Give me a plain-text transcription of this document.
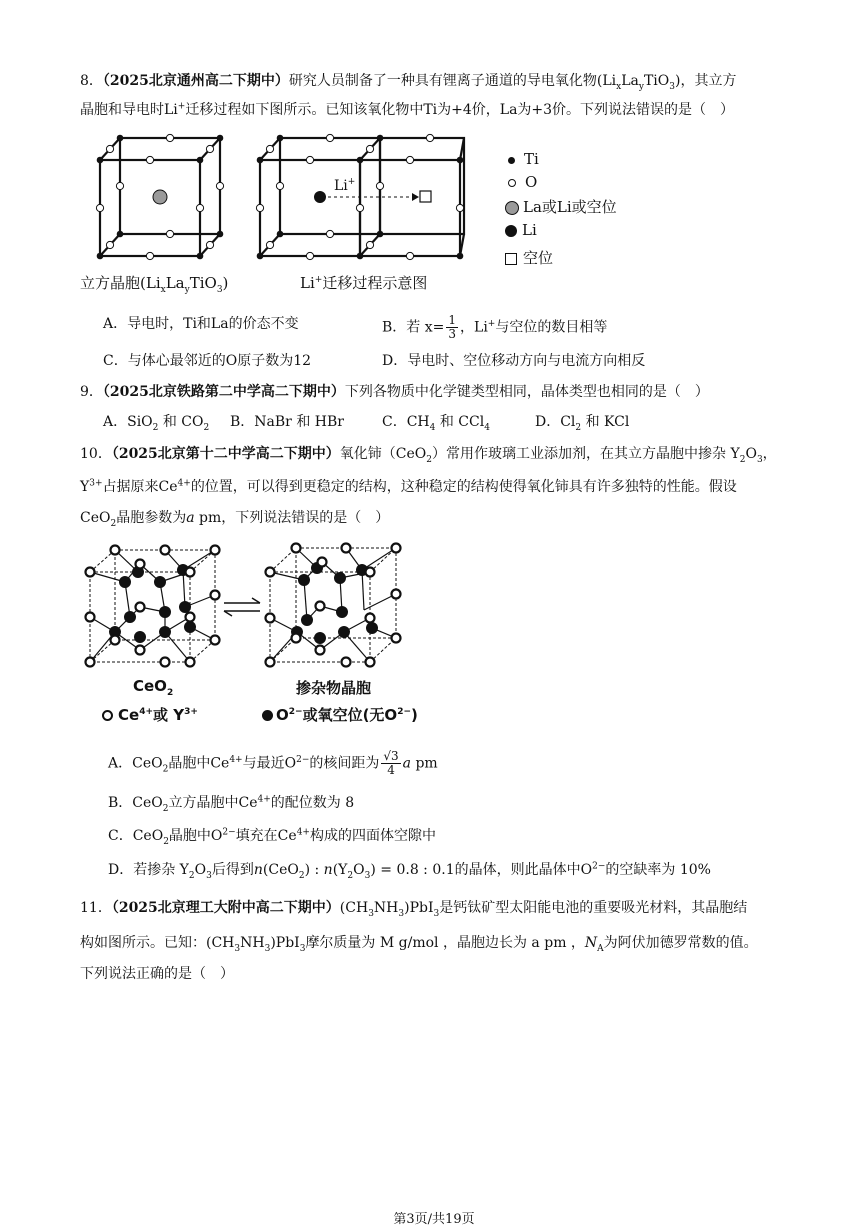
8．（2025北京通州高二下期中）研究人员制备了一种具有锂离子通道的导电氧化物$(Li_xLa_yTiO_3)$，其立方
晶胞和导电时Li+迁移过程如下图所示。已知该氧化物中Ti为+4价，La为+3价。下列说法错误的是（　）
Li+
Ti
O
La或Li或空位
Li
空位
立方晶胞$(Li_xLa_yTiO_3)$	Li+迁移过程示意图
A．导电时，Ti和La的价态不变	B．若 $x= \frac{1}{3}$ ，Li+与空位的数目相等
C．与体心最邻近的O原子数为12	D．导电时、空位移动方向与电流方向相反
9．（2025北京铁路第二中学高二下期中）下列各物质中化学键类型相同，晶体类型也相同的是（　）
A．SiO$_2$ 和 $CO_2$ B．NaBr 和 HBr	C．$CH_4$ 和 CCl$_4$	D．$Cl_2$ 和 KCl
10．（2025北京第十二中学高二下期中）氧化铈（CeO$_2$）常用作玻璃工业添加剂，在其立方晶胞中掺杂 $Y_2O_3$，
$Y^{3+}$占据原来$Ce^{4+}$的位置，可以得到更稳定的结构，这种稳定的结构使得氧化铈具有许多独特的性能。假设
CeO$_2$晶胞参数为a pm，下列说法错误的是（　）
CeO$_2$	掺杂物晶胞
$Ce^{4+}$或 $Y^{3+}$	$O^{2-}$或氧空位(无$O^{2-}$)
A．CeO$_2$晶胞中$Ce^{4+}$与最近$O^{2-}$的核间距为 $\frac{√3}{4}$ a pm
B．CeO$_2$立方晶胞中$Ce^{4+}$的配位数为 8
C．CeO$_2$晶胞中$O^{2-}$填充在$Ce^{4+}$构成的四面体空隙中
D．若掺杂 $Y_2O_3$后得到n(CeO$_2$) : $n(Y_2O_3) = 0.8$ : 0.1的晶体，则此晶体中$O^{2-}$的空缺率为 10%
11．（2025北京理工大附中高二下期中）$(CH_3NH_3)PbI_3$是钙钛矿型太阳能电池的重要吸光材料，其晶胞结
构如图所示。已知：$(CH_3NH_3)PbI_3$摩尔质量为 M g/mol ，晶胞边长为 a pm ，$N_A$为阿伏加德罗常数的值。
下列说法正确的是（　）
第3页/共19页
